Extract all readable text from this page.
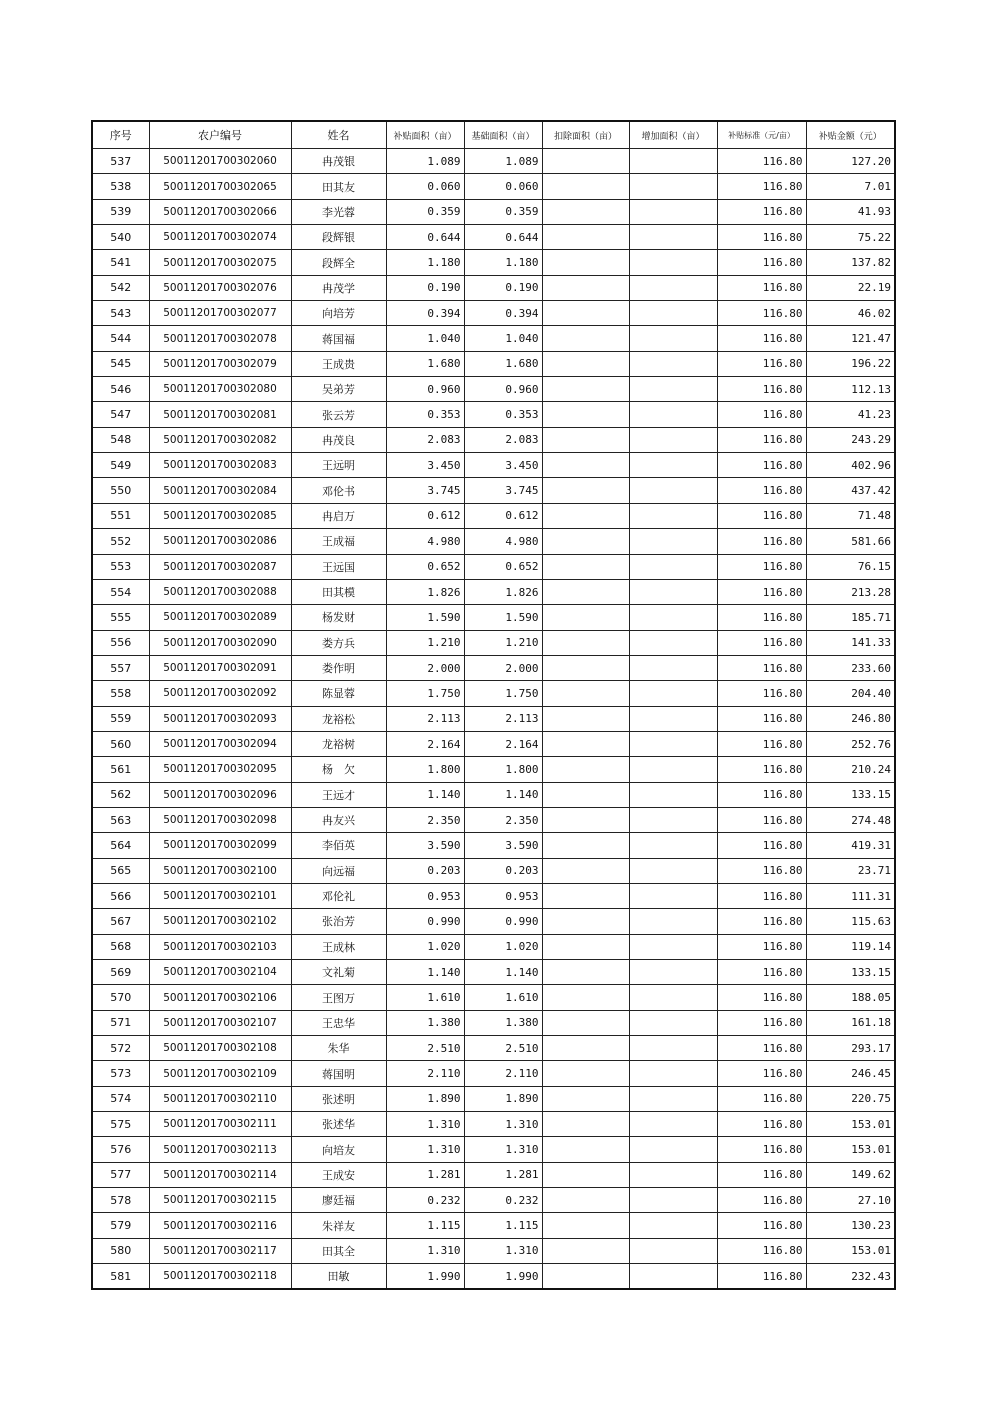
序号	农户编号	姓名	补贴面积（亩）	基础面积（亩）	扣除面积（亩）	增加面积（亩）	补贴标准（元/亩）	补贴金额（元）
537	50011201700302060	冉茂银	1.089	1.089			116.80	127.20
538	50011201700302065	田其友	0.060	0.060			116.80	7.01
539	50011201700302066	李光蓉	0.359	0.359			116.80	41.93
540	50011201700302074	段辉银	0.644	0.644			116.80	75.22
541	50011201700302075	段辉全	1.180	1.180			116.80	137.82
542	50011201700302076	冉茂学	0.190	0.190			116.80	22.19
543	50011201700302077	向培芳	0.394	0.394			116.80	46.02
544	50011201700302078	蒋国福	1.040	1.040			116.80	121.47
545	50011201700302079	王成贵	1.680	1.680			116.80	196.22
546	50011201700302080	吴弟芳	0.960	0.960			116.80	112.13
547	50011201700302081	张云芳	0.353	0.353			116.80	41.23
548	50011201700302082	冉茂良	2.083	2.083			116.80	243.29
549	50011201700302083	王远明	3.450	3.450			116.80	402.96
550	50011201700302084	邓伦书	3.745	3.745			116.80	437.42
551	50011201700302085	冉启万	0.612	0.612			116.80	71.48
552	50011201700302086	王成福	4.980	4.980			116.80	581.66
553	50011201700302087	王远国	0.652	0.652			116.80	76.15
554	50011201700302088	田其模	1.826	1.826			116.80	213.28
555	50011201700302089	杨发财	1.590	1.590			116.80	185.71
556	50011201700302090	娄方兵	1.210	1.210			116.80	141.33
557	50011201700302091	娄作明	2.000	2.000			116.80	233.60
558	50011201700302092	陈显蓉	1.750	1.750			116.80	204.40
559	50011201700302093	龙裕松	2.113	2.113			116.80	246.80
560	50011201700302094	龙裕树	2.164	2.164			116.80	252.76
561	50011201700302095	杨　欠	1.800	1.800			116.80	210.24
562	50011201700302096	王远才	1.140	1.140			116.80	133.15
563	50011201700302098	冉友兴	2.350	2.350			116.80	274.48
564	50011201700302099	李佰英	3.590	3.590			116.80	419.31
565	50011201700302100	向远福	0.203	0.203			116.80	23.71
566	50011201700302101	邓伦礼	0.953	0.953			116.80	111.31
567	50011201700302102	张治芳	0.990	0.990			116.80	115.63
568	50011201700302103	王成林	1.020	1.020			116.80	119.14
569	50011201700302104	文礼菊	1.140	1.140			116.80	133.15
570	50011201700302106	王图万	1.610	1.610			116.80	188.05
571	50011201700302107	王忠华	1.380	1.380			116.80	161.18
572	50011201700302108	朱华	2.510	2.510			116.80	293.17
573	50011201700302109	蒋国明	2.110	2.110			116.80	246.45
574	50011201700302110	张述明	1.890	1.890			116.80	220.75
575	50011201700302111	张述华	1.310	1.310			116.80	153.01
576	50011201700302113	向培友	1.310	1.310			116.80	153.01
577	50011201700302114	王成安	1.281	1.281			116.80	149.62
578	50011201700302115	廖廷福	0.232	0.232			116.80	27.10
579	50011201700302116	朱祥友	1.115	1.115			116.80	130.23
580	50011201700302117	田其全	1.310	1.310			116.80	153.01
581	50011201700302118	田敏	1.990	1.990			116.80	232.43
